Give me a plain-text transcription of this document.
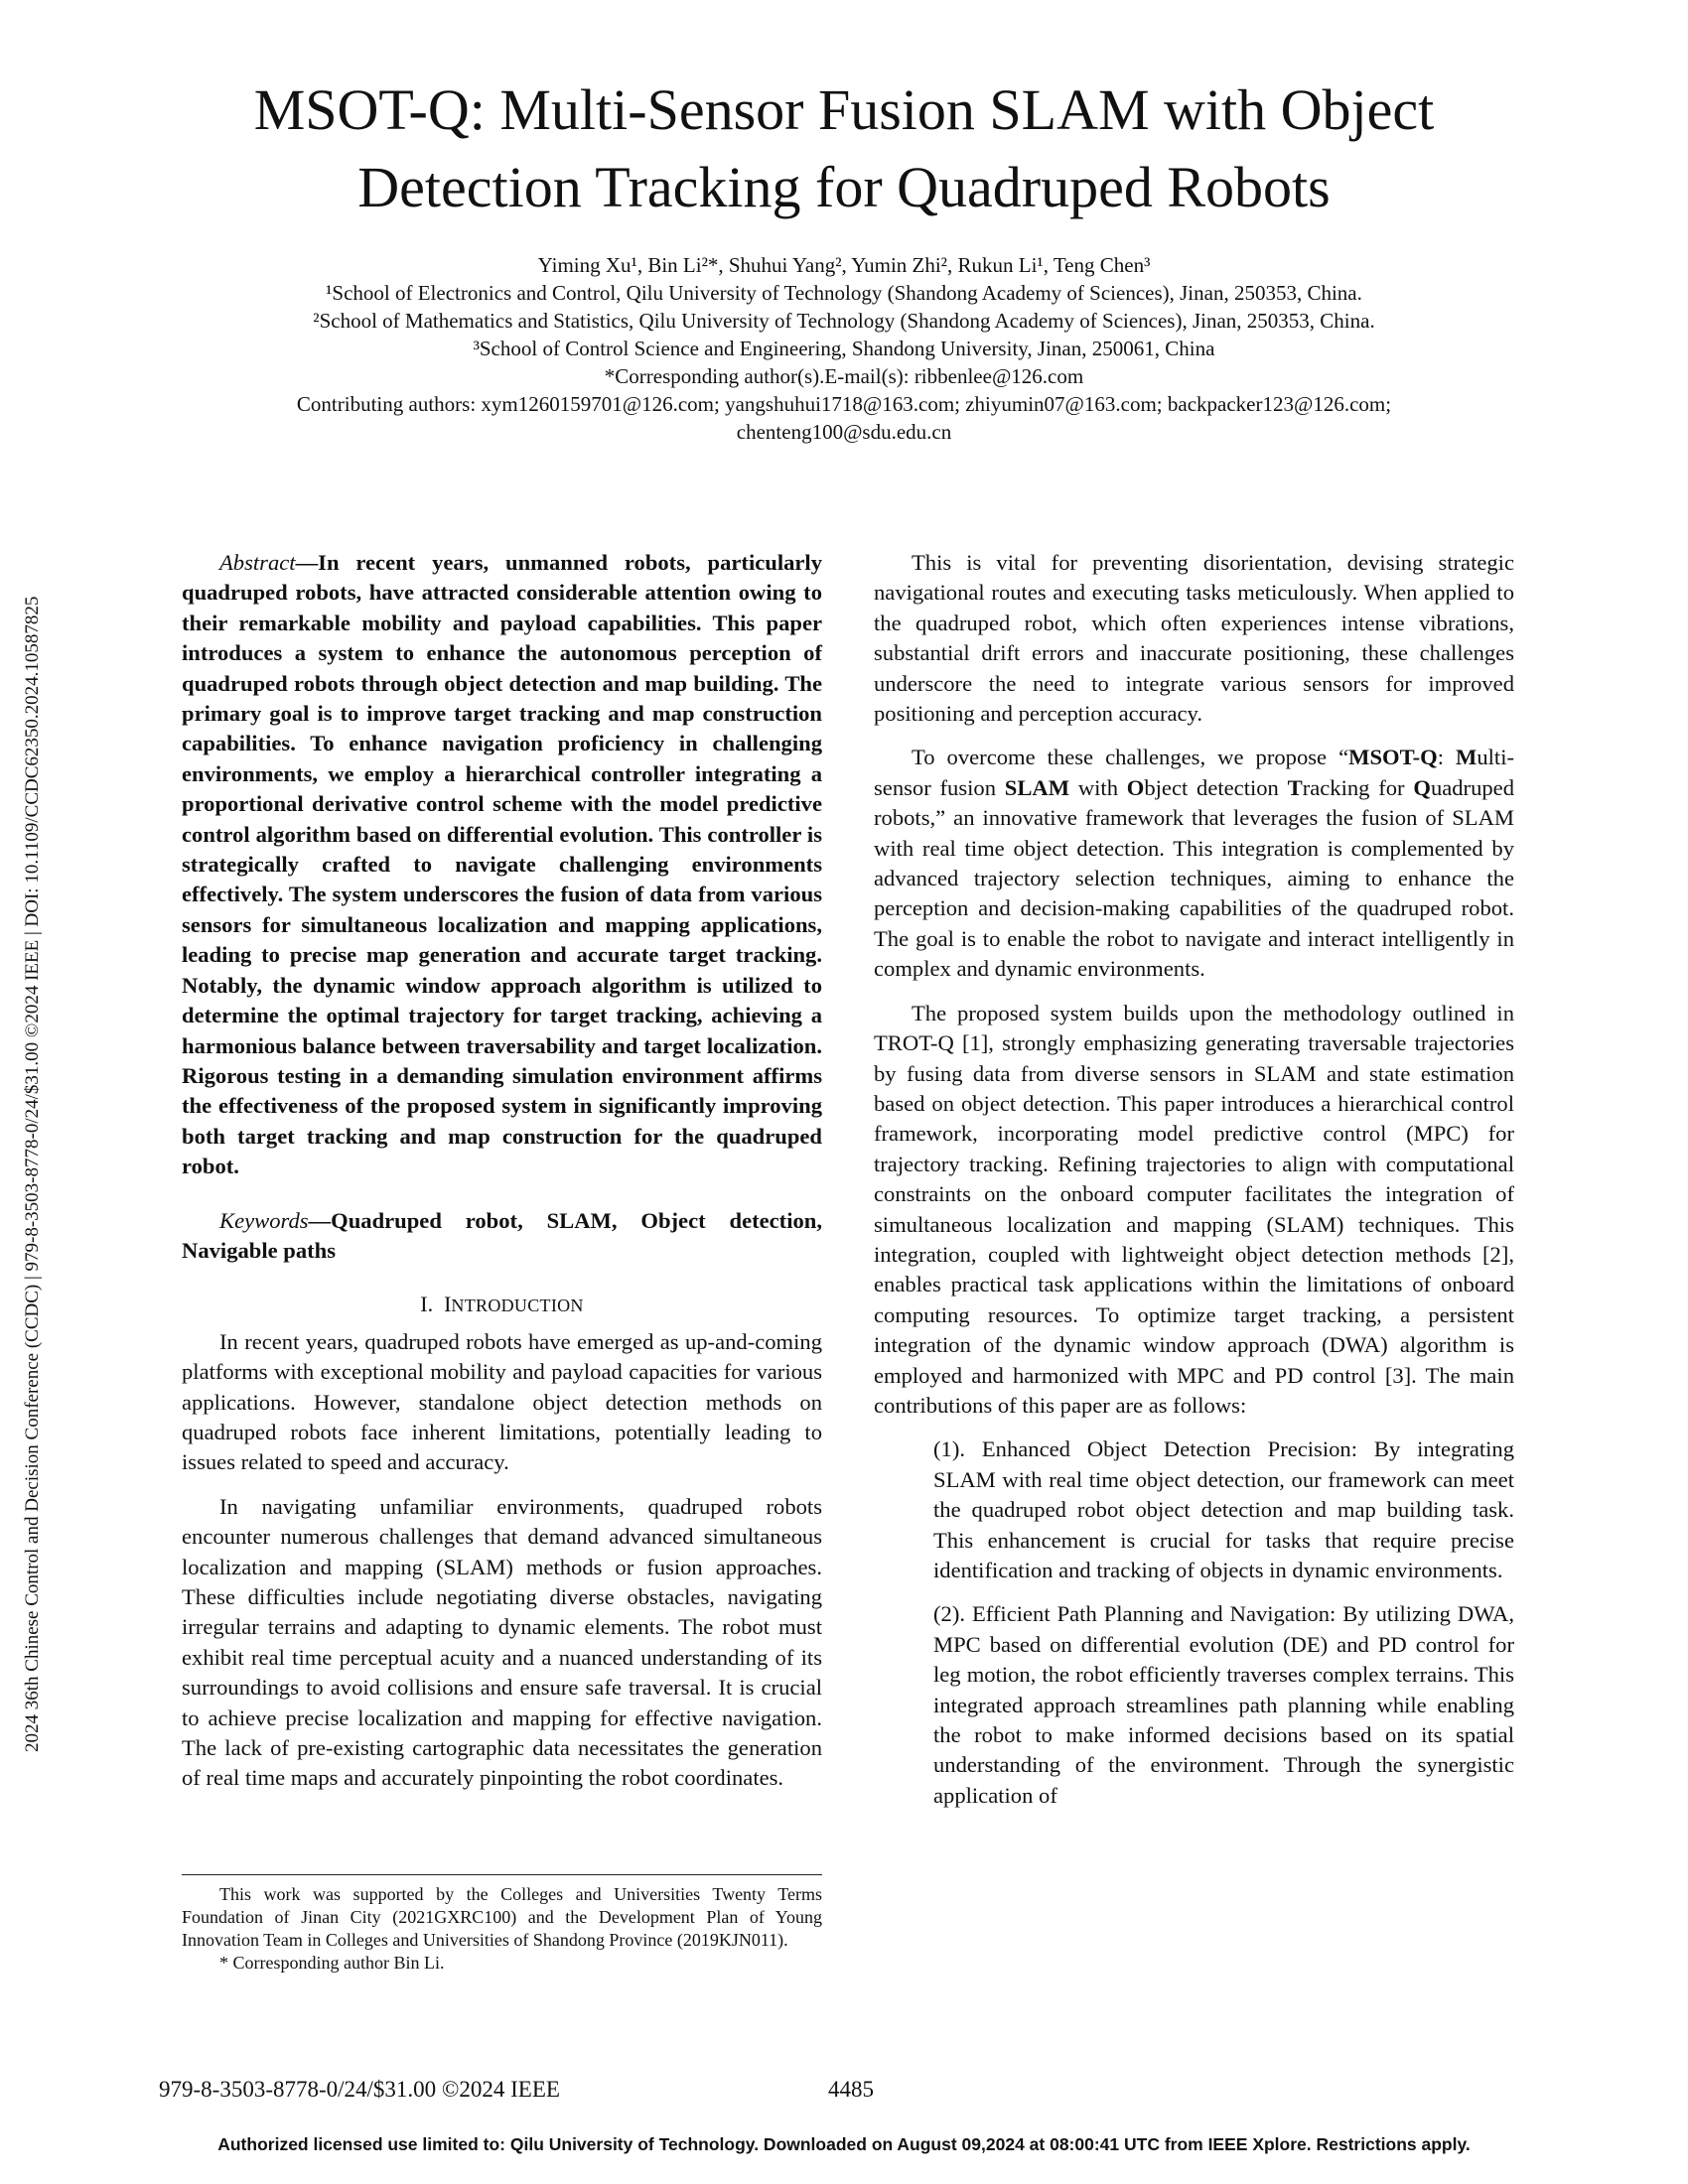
2024 36th Chinese Control and Decision Conference (CCDC) | 979-8-3503-8778-0/24/$31.00 ©2024 IEEE | DOI: 10.1109/CCDC62350.2024.10587825
MSOT-Q: Multi-Sensor Fusion SLAM with Object
Detection Tracking for Quadruped Robots
Yiming Xu¹, Bin Li²*, Shuhui Yang², Yumin Zhi², Rukun Li¹, Teng Chen³
¹School of Electronics and Control, Qilu University of Technology (Shandong Academy of Sciences), Jinan, 250353, China.
²School of Mathematics and Statistics, Qilu University of Technology (Shandong Academy of Sciences), Jinan, 250353, China.
³School of Control Science and Engineering, Shandong University, Jinan, 250061, China
*Corresponding author(s).E-mail(s): ribbenlee@126.com
Contributing authors: xym1260159701@126.com; yangshuhui1718@163.com; zhiyumin07@163.com; backpacker123@126.com;
chenteng100@sdu.edu.cn

Abstract—In recent years, unmanned robots, particularly quadruped robots, have attracted considerable attention owing to their remarkable mobility and payload capabilities. This paper introduces a system to enhance the autonomous perception of quadruped robots through object detection and map building. The primary goal is to improve target tracking and map construction capabilities. To enhance navigation proficiency in challenging environments, we employ a hierarchical controller integrating a proportional derivative control scheme with the model predictive control algorithm based on differential evolution. This controller is strategically crafted to navigate challenging environments effectively. The system underscores the fusion of data from various sensors for simultaneous localization and mapping applications, leading to precise map generation and accurate target tracking. Notably, the dynamic window approach algorithm is utilized to determine the optimal trajectory for target tracking, achieving a harmonious balance between traversability and target localization. Rigorous testing in a demanding simulation environment affirms the effectiveness of the proposed system in significantly improving both target tracking and map construction for the quadruped robot.

Keywords—Quadruped robot, SLAM, Object detection, Navigable paths

I. INTRODUCTION

In recent years, quadruped robots have emerged as up-and-coming platforms with exceptional mobility and payload capacities for various applications. However, standalone object detection methods on quadruped robots face inherent limitations, potentially leading to issues related to speed and accuracy.

In navigating unfamiliar environments, quadruped robots encounter numerous challenges that demand advanced simultaneous localization and mapping (SLAM) methods or fusion approaches. These difficulties include negotiating diverse obstacles, navigating irregular terrains and adapting to dynamic elements. The robot must exhibit real time perceptual acuity and a nuanced understanding of its surroundings to avoid collisions and ensure safe traversal. It is crucial to achieve precise localization and mapping for effective navigation. The lack of pre-existing cartographic data necessitates the generation of real time maps and accurately pinpointing the robot coordinates.

This work was supported by the Colleges and Universities Twenty Terms Foundation of Jinan City (2021GXRC100) and the Development Plan of Young Innovation Team in Colleges and Universities of Shandong Province (2019KJN011).

* Corresponding author Bin Li.

This is vital for preventing disorientation, devising strategic navigational routes and executing tasks meticulously. When applied to the quadruped robot, which often experiences intense vibrations, substantial drift errors and inaccurate positioning, these challenges underscore the need to integrate various sensors for improved positioning and perception accuracy.

To overcome these challenges, we propose “MSOT-Q: Multi-sensor fusion SLAM with Object detection Tracking for Quadruped robots,” an innovative framework that leverages the fusion of SLAM with real time object detection. This integration is complemented by advanced trajectory selection techniques, aiming to enhance the perception and decision-making capabilities of the quadruped robot. The goal is to enable the robot to navigate and interact intelligently in complex and dynamic environments.

The proposed system builds upon the methodology outlined in TROT-Q [1], strongly emphasizing generating traversable trajectories by fusing data from diverse sensors in SLAM and state estimation based on object detection. This paper introduces a hierarchical control framework, incorporating model predictive control (MPC) for trajectory tracking. Refining trajectories to align with computational constraints on the onboard computer facilitates the integration of simultaneous localization and mapping (SLAM) techniques. This integration, coupled with lightweight object detection methods [2], enables practical task applications within the limitations of onboard computing resources. To optimize target tracking, a persistent integration of the dynamic window approach (DWA) algorithm is employed and harmonized with MPC and PD control [3]. The main contributions of this paper are as follows:

(1). Enhanced Object Detection Precision: By integrating SLAM with real time object detection, our framework can meet the quadruped robot object detection and map building task. This enhancement is crucial for tasks that require precise identification and tracking of objects in dynamic environments.

(2). Efficient Path Planning and Navigation: By utilizing DWA, MPC based on differential evolution (DE) and PD control for leg motion, the robot efficiently traverses complex terrains. This integrated approach streamlines path planning while enabling the robot to make informed decisions based on its spatial understanding of the environment. Through the synergistic application of

979-8-3503-8778-0/24/$31.00 ©2024 IEEE	4485
Authorized licensed use limited to: Qilu University of Technology. Downloaded on August 09,2024 at 08:00:41 UTC from IEEE Xplore. Restrictions apply.
